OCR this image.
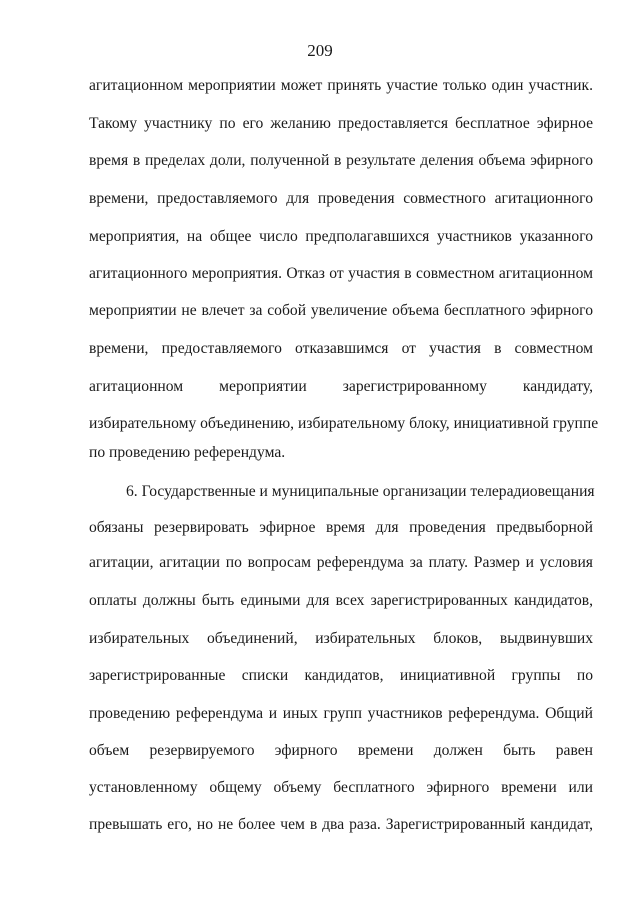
209
агитационном мероприятии может принять участие только один участник.
Такому участнику по его желанию предоставляется бесплатное эфирное
время в пределах доли, полученной в результате деления объема эфирного
времени, предоставляемого для проведения совместного агитационного
мероприятия, на общее число предполагавшихся участников указанного
агитационного мероприятия. Отказ от участия в совместном агитационном
мероприятии не влечет за собой увеличение объема бесплатного эфирного
времени, предоставляемого отказавшимся от участия в совместном
агитационном мероприятии зарегистрированному кандидату,
избирательному объединению, избирательному блоку, инициативной группе
по проведению референдума.
6. Государственные и муниципальные организации телерадиовещания
обязаны резервировать эфирное время для проведения предвыборной
агитации, агитации по вопросам референдума за плату. Размер и условия
оплаты должны быть едиными для всех зарегистрированных кандидатов,
избирательных объединений, избирательных блоков, выдвинувших
зарегистрированные списки кандидатов, инициативной группы по
проведению референдума и иных групп участников референдума. Общий
объем резервируемого эфирного времени должен быть равен
установленному общему объему бесплатного эфирного времени или
превышать его, но не более чем в два раза. Зарегистрированный кандидат,
